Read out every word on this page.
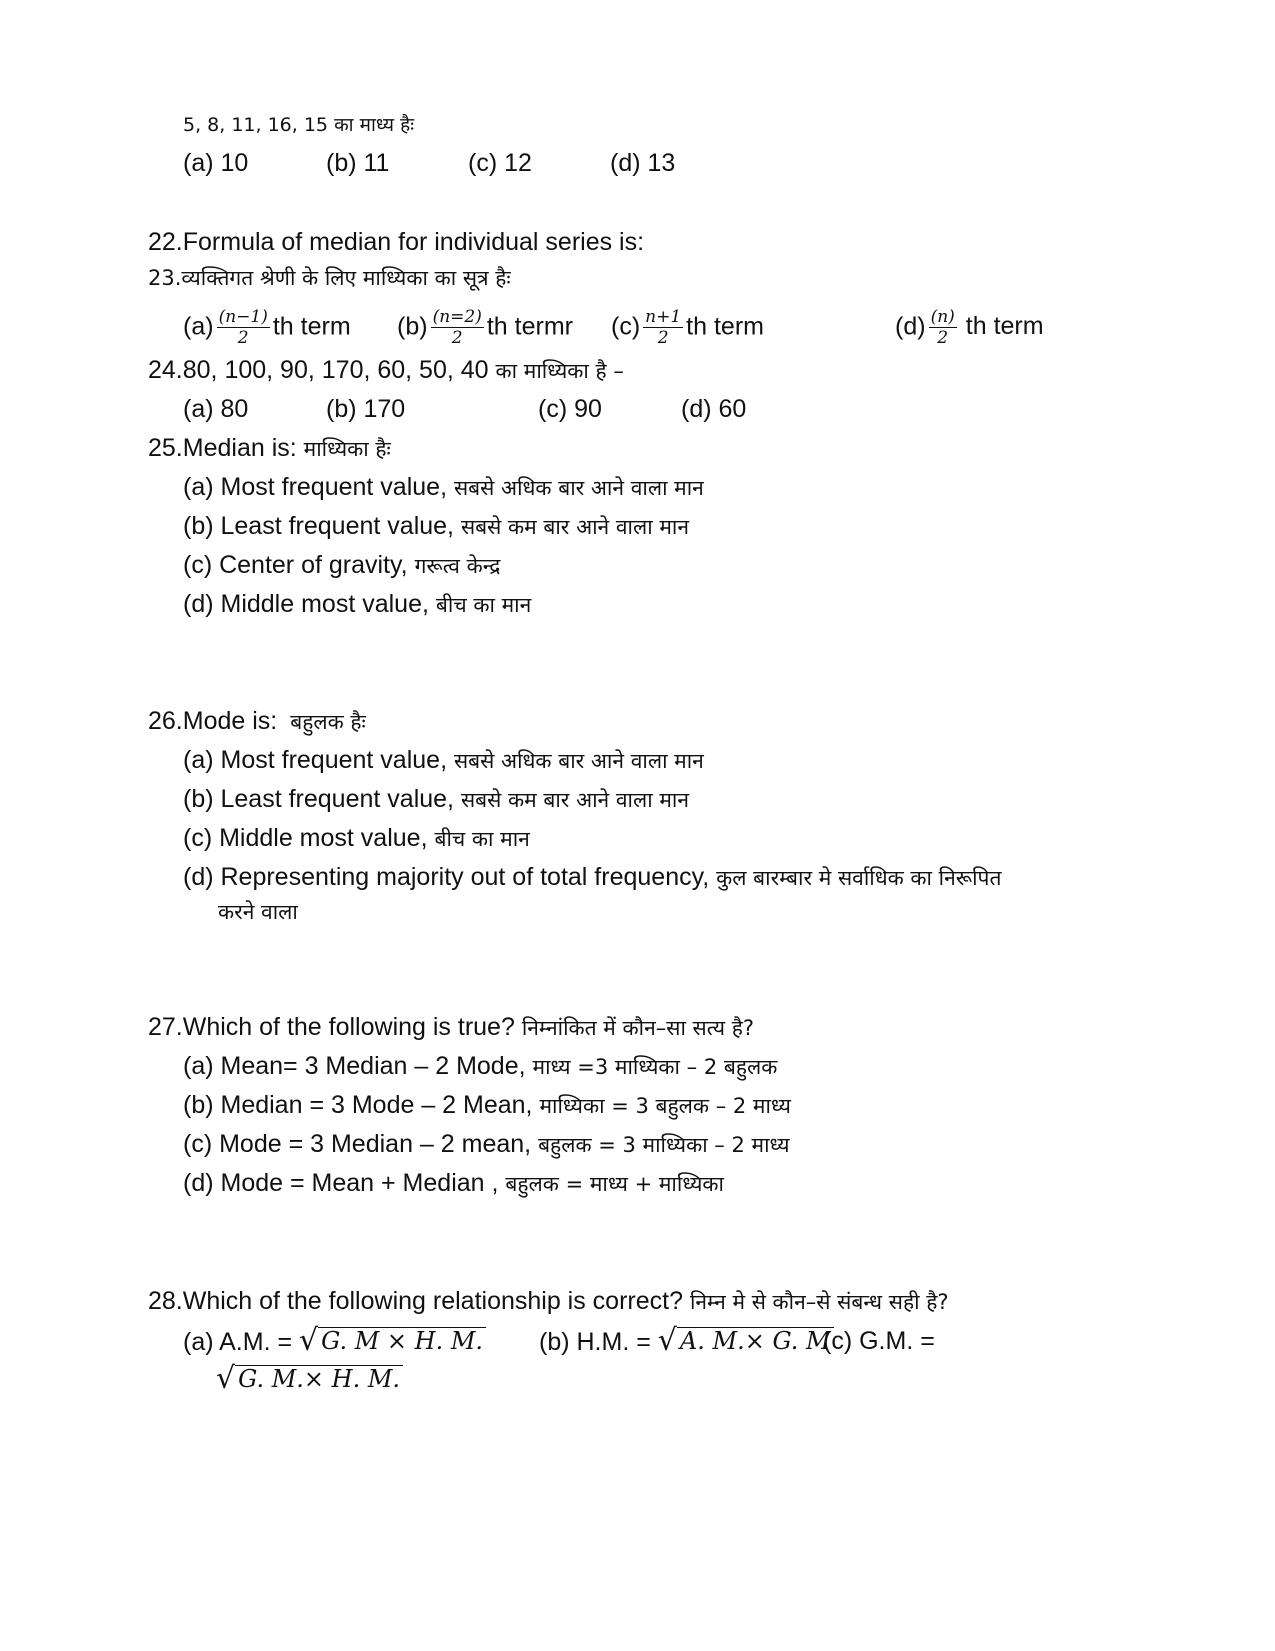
5, 8, 11, 16, 15 का माध्य हैः
(a) 10	(b) 11	(c) 12	(d) 13
22.Formula of median for individual series is:
23.व्यक्तिगत श्रेणी के लिए माध्यिका का सूत्र हैः
$(a) \frac{(n-1)}{2}$ th term $(b) \frac{(n=2)}{2}$ th termr $(c) \frac{n+1}{2}$ th term	$(d) \frac{(n)}{2}$ th term
24.80, 100, 90, 170, 60, 50, 40 का माध्यिका है –
(a) 80	(b) 170	(c) 90	(d) 60
25.Median is: माध्यिका हैः
(a) Most frequent value, सबसे अधिक बार आने वाला मान
(b) Least frequent value, सबसे कम बार आने वाला मान
(c) Center of gravity, गरूत्व केन्द्र
(d) Middle most value, बीच का मान
26.Mode is: बहुलक हैः
(a) Most frequent value, सबसे अधिक बार आने वाला मान
(b) Least frequent value, सबसे कम बार आने वाला मान
(c) Middle most value, बीच का मान
(d) Representing majority out of total frequency, कुल बारम्बार मे सर्वाधिक का निरूपित
करने वाला
27.Which of the following is true? निम्नांकित में कौन–सा सत्य है?
(a) Mean= 3 Median – 2 Mode, माध्य =3 माध्यिका – 2 बहुलक
(b) Median = 3 Mode – 2 Mean, माध्यिका = 3 बहुलक – 2 माध्य
(c) Mode = 3 Median – 2 mean, बहुलक = 3 माध्यिका – 2 माध्य
(d) Mode = Mean + Median , बहुलक = माध्य + माध्यिका
28.Which of the following relationship is correct? निम्न मे से कौन–से संबन्ध सही है?
(a) A.M. = √ G. M × H. M. (b) H.M. = √ A. M.× G. M
(c) G.M. =
√ G. M.× H. M.
